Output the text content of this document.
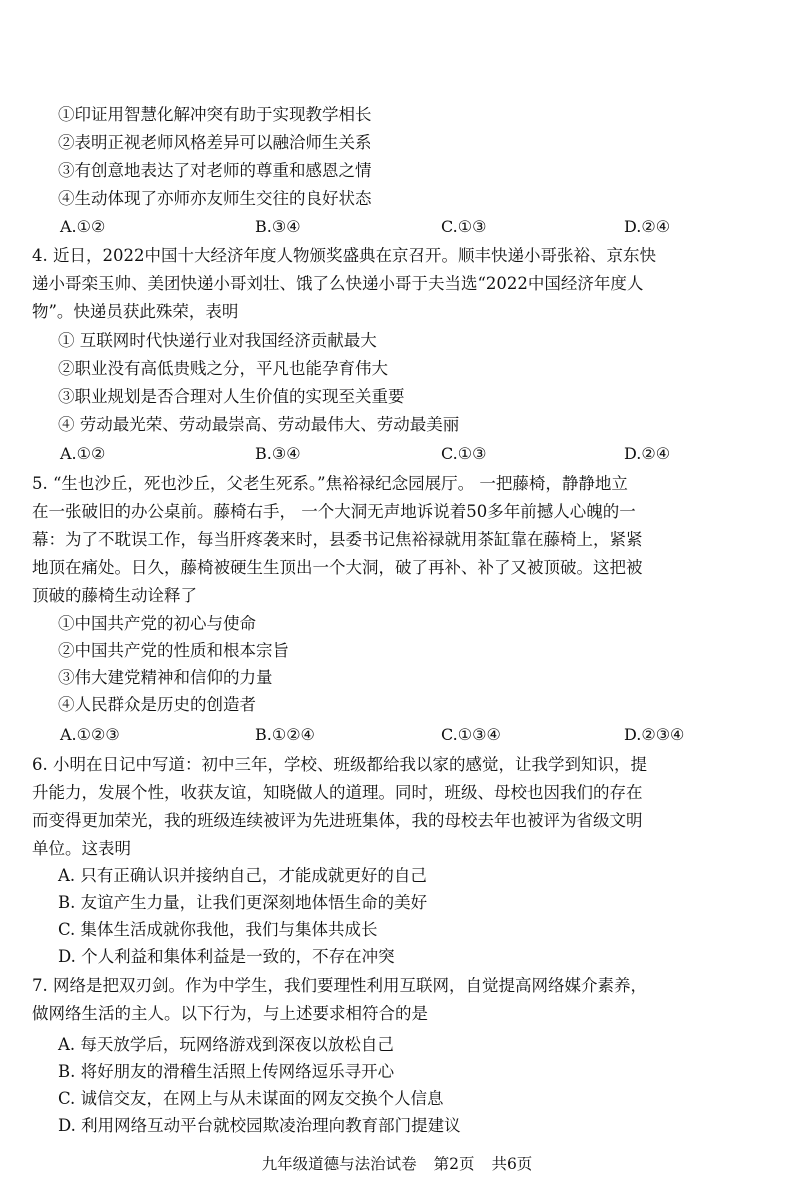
①印证用智慧化解冲突有助于实现教学相长
②表明正视老师风格差异可以融洽师生关系
③有创意地表达了对老师的尊重和感恩之情
④生动体现了亦师亦友师生交往的良好状态
A.①②	B.③④	C.①③	D.②④
4. 近日，2022中国十大经济年度人物颁奖盛典在京召开。顺丰快递小哥张裕、京东快
递小哥栾玉帅、美团快递小哥刘壮、饿了么快递小哥于夫当选“2022中国经济年度人
物”。快递员获此殊荣，表明
① 互联网时代快递行业对我国经济贡献最大
②职业没有高低贵贱之分，平凡也能孕育伟大
③职业规划是否合理对人生价值的实现至关重要
④ 劳动最光荣、劳动最崇高、劳动最伟大、劳动最美丽
A.①②	B.③④	C.①③	D.②④
5. “生也沙丘，死也沙丘，父老生死系。”焦裕禄纪念园展厅。 一把藤椅，静静地立
在一张破旧的办公桌前。藤椅右手， 一个大洞无声地诉说着50多年前撼人心魄的一
幕：为了不耽误工作，每当肝疼袭来时，县委书记焦裕禄就用茶缸靠在藤椅上，紧紧
地顶在痛处。日久，藤椅被硬生生顶出一个大洞，破了再补、补了又被顶破。这把被
顶破的藤椅生动诠释了
①中国共产党的初心与使命
②中国共产党的性质和根本宗旨
③伟大建党精神和信仰的力量
④人民群众是历史的创造者
A.①②③	B.①②④	C.①③④	D.②③④
6. 小明在日记中写道：初中三年，学校、班级都给我以家的感觉，让我学到知识，提
升能力，发展个性，收获友谊，知晓做人的道理。同时，班级、母校也因我们的存在
而变得更加荣光，我的班级连续被评为先进班集体，我的母校去年也被评为省级文明
单位。这表明
A. 只有正确认识并接纳自己，才能成就更好的自己
B. 友谊产生力量，让我们更深刻地体悟生命的美好
C. 集体生活成就你我他，我们与集体共成长
D. 个人利益和集体利益是一致的，不存在冲突
7. 网络是把双刃剑。作为中学生，我们要理性利用互联网，自觉提高网络媒介素养，
做网络生活的主人。以下行为，与上述要求相符合的是
A. 每天放学后，玩网络游戏到深夜以放松自己
B. 将好朋友的滑稽生活照上传网络逗乐寻开心
C. 诚信交友，在网上与从未谋面的网友交换个人信息
D. 利用网络互动平台就校园欺凌治理向教育部门提建议
九年级道德与法治试卷 第2页 共6页
